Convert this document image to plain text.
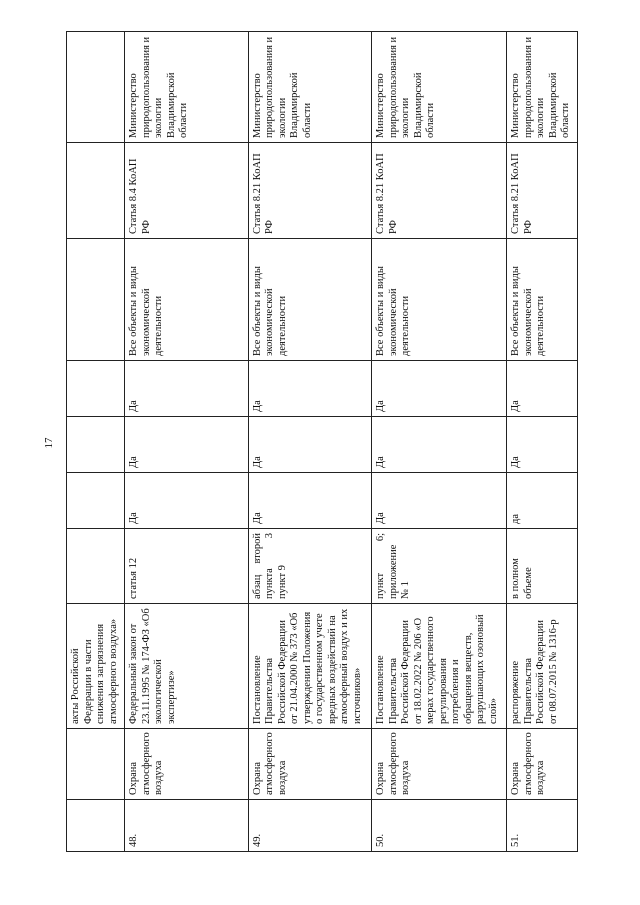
17
		акты Российской Федерации в части снижения загрязнения атмосферного воздуха»							
48.	Охрана атмосферного воздуха	Федеральный закон от 23.11.1995 № 174-ФЗ «Об экологической экспертизе»	статья 12	Да	Да	Да	Все объекты и виды экономической деятельности	Статья 8.4 КоАП РФ	Министерство природопользования и экологии Владимирской области
49.	Охрана атмосферного воздуха	Постановление Правительства Российской Федерации от 21.04.2000 № 373 «Об утверждении Положения о государственном учете вредных воздействий на атмосферный воздух и их источников»	абзац второй пункта 3 пункт 9	Да	Да	Да	Все объекты и виды экономической деятельности	Статья 8.21 КоАП РФ	Министерство природопользования и экологии Владимирской области
50.	Охрана атмосферного воздуха	Постановление Правительства Российской Федерации от 18.02.2022 № 206 «О мерах государственного регулирования потребления и обращения веществ, разрушающих озоновый слой»	пункт 6; приложение № 1	Да	Да	Да	Все объекты и виды экономической деятельности	Статья 8.21 КоАП РФ	Министерство природопользования и экологии Владимирской области
51.	Охрана атмосферного воздуха	распоряжение Правительства Российской Федерации от 08.07.2015 № 1316-р	в полном объеме	да	Да	Да	Все объекты и виды экономической деятельности	Статья 8.21 КоАП РФ	Министерство природопользования и экологии Владимирской области
